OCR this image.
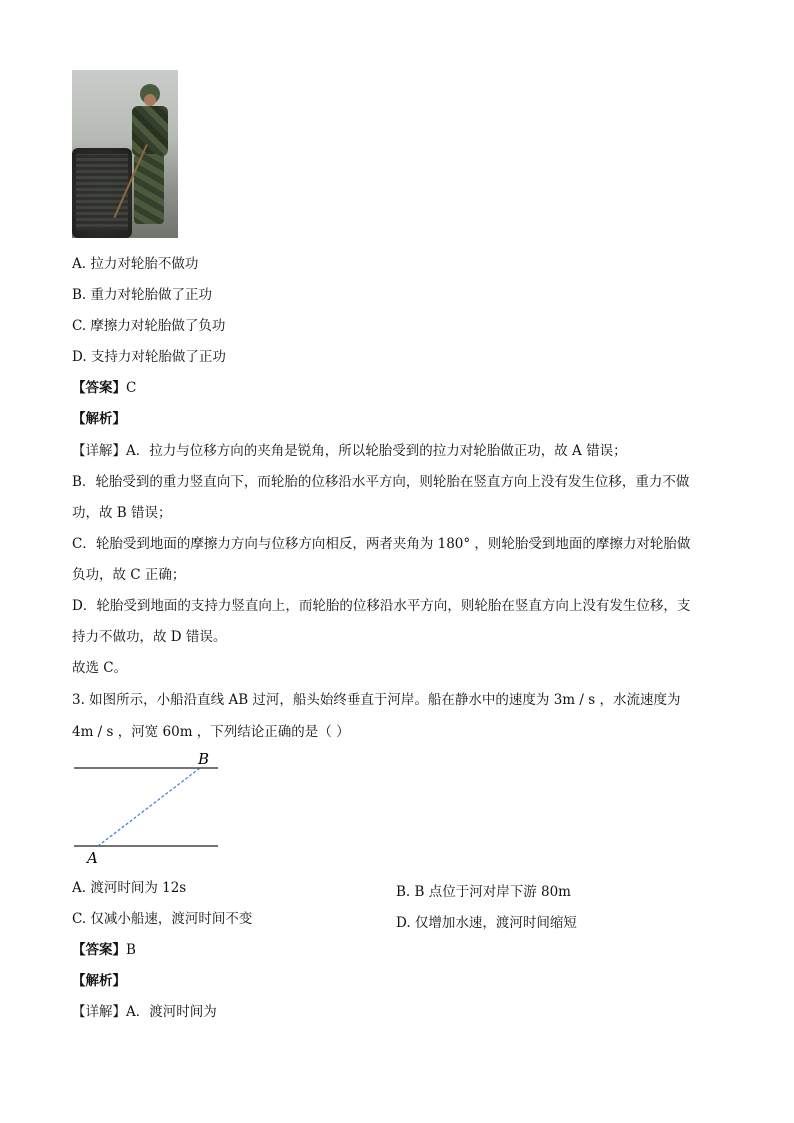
A. 拉力对轮胎不做功
B. 重力对轮胎做了正功
C. 摩擦力对轮胎做了负功
D. 支持力对轮胎做了正功
【答案】C
【解析】
【详解】A．拉力与位移方向的夹角是锐角，所以轮胎受到的拉力对轮胎做正功，故 A 错误；
B．轮胎受到的重力竖直向下，而轮胎的位移沿水平方向，则轮胎在竖直方向上没有发生位移，重力不做
功，故 B 错误；
C．轮胎受到地面的摩擦力方向与位移方向相反，两者夹角为 180° ，则轮胎受到地面的摩擦力对轮胎做
负功，故 C 正确；
D．轮胎受到地面的支持力竖直向上，而轮胎的位移沿水平方向，则轮胎在竖直方向上没有发生位移，支
持力不做功，故 D 错误。
故选 C。
3. 如图所示，小船沿直线 AB 过河，船头始终垂直于河岸。船在静水中的速度为 3m / s ，水流速度为
4m / s ，河宽 60m ，下列结论正确的是（ ）
B
A
A. 渡河时间为 12s	B. B 点位于河对岸下游 80m
C. 仅减小船速，渡河时间不变	D. 仅增加水速，渡河时间缩短
【答案】B
【解析】
【详解】A．渡河时间为
